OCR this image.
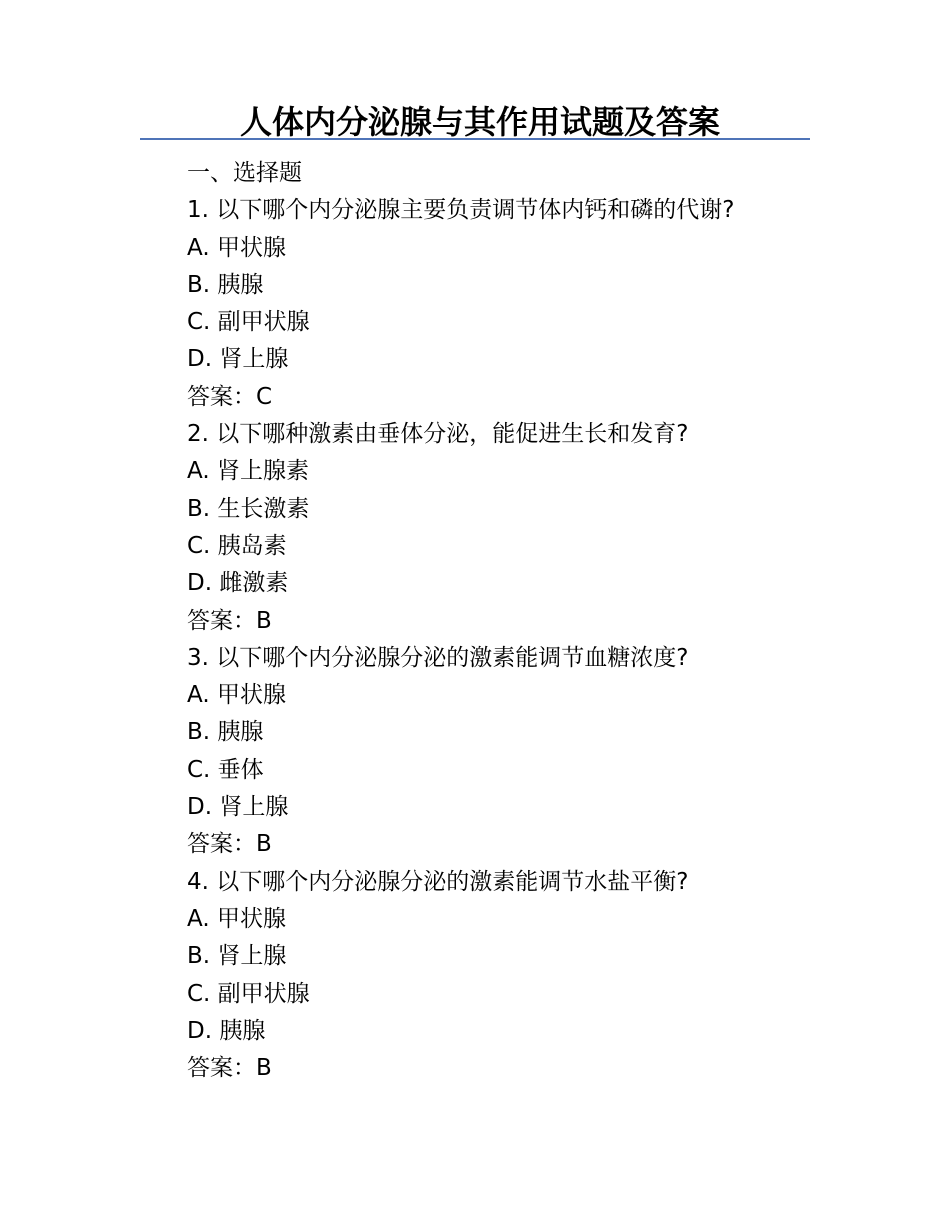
人体内分泌腺与其作用试题及答案
一、选择题
1. 以下哪个内分泌腺主要负责调节体内钙和磷的代谢?
A. 甲状腺
B. 胰腺
C. 副甲状腺
D. 肾上腺
答案：C
2. 以下哪种激素由垂体分泌，能促进生长和发育?
A. 肾上腺素
B. 生长激素
C. 胰岛素
D. 雌激素
答案：B
3. 以下哪个内分泌腺分泌的激素能调节血糖浓度?
A. 甲状腺
B. 胰腺
C. 垂体
D. 肾上腺
答案：B
4. 以下哪个内分泌腺分泌的激素能调节水盐平衡?
A. 甲状腺
B. 肾上腺
C. 副甲状腺
D. 胰腺
答案：B
